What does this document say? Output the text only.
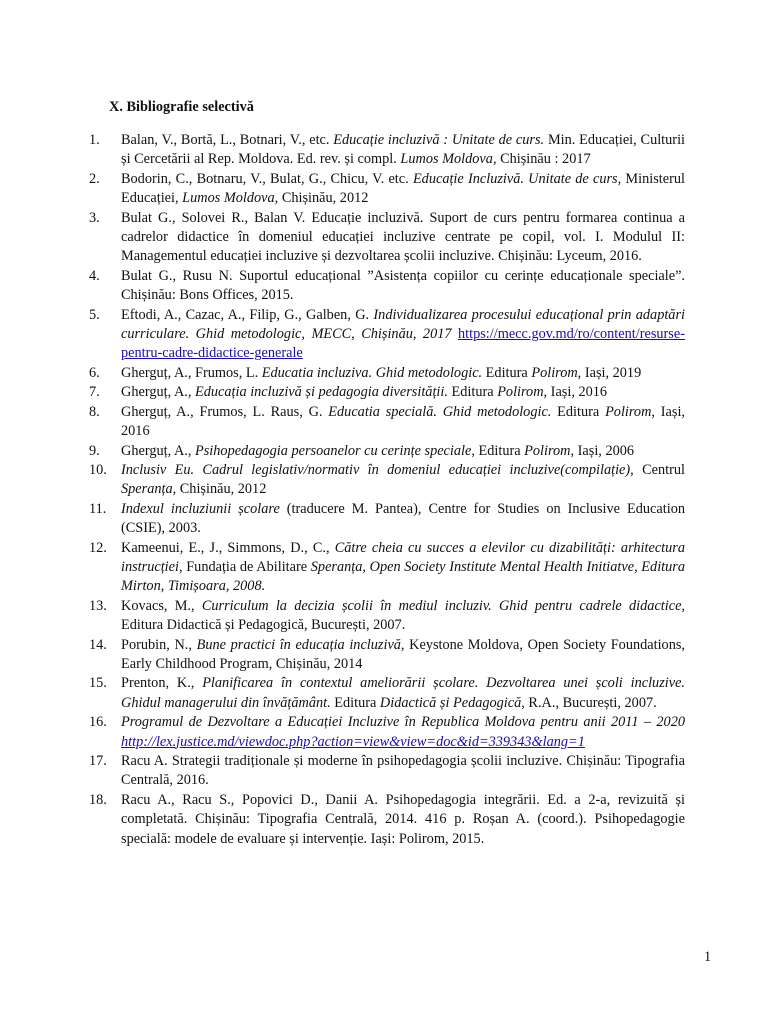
X. Bibliografie selectivă
1.	Balan, V., Bortă, L., Botnari, V., etc. Educație incluzivă : Unitate de curs. Min. Educației, Culturii și Cercetării al Rep. Moldova. Ed. rev. și compl. Lumos Moldova, Chișinău : 2017
2.	Bodorin, C., Botnaru, V., Bulat, G., Chicu, V. etc. Educație Incluzivă. Unitate de curs, Ministerul Educației, Lumos Moldova, Chișinău, 2012
3.	Bulat G., Solovei R., Balan V. Educație incluzivă. Suport de curs pentru formarea continua a cadrelor didactice în domeniul educației incluzive centrate pe copil, vol. I. Modulul II: Managementul educației incluzive și dezvoltarea școlii incluzive. Chișinău: Lyceum, 2016.
4.	Bulat G., Rusu N. Suportul educațional ”Asistența copiilor cu cerințe educaționale speciale”. Chișinău: Bons Offices, 2015.
5.	Eftodi, A., Cazac, A., Filip, G., Galben, G. Individualizarea procesului educațional prin adaptări curriculare. Ghid metodologic, MECC, Chișinău, 2017 https://mecc.gov.md/ro/content/resurse-pentru-cadre-didactice-generale
6.	Gherguț, A., Frumos, L. Educatia incluziva. Ghid metodologic. Editura Polirom, Iași, 2019
7.	Gherguț, A., Educația incluzivă și pedagogia diversității. Editura Polirom, Iași, 2016
8.	Gherguț, A., Frumos, L. Raus, G. Educatia specială. Ghid metodologic. Editura Polirom, Iași, 2016
9.	Gherguț, A., Psihopedagogia persoanelor cu cerințe speciale, Editura Polirom, Iași, 2006
10. Inclusiv Eu. Cadrul legislativ/normativ în domeniul educației incluzive(compilație), Centrul Speranța, Chișinău, 2012
11.	Indexul incluziunii școlare (traducere M. Pantea), Centre for Studies on Inclusive Education (CSIE), 2003.
12. Kameenui, E., J., Simmons, D., C., Către cheia cu succes a elevilor cu dizabilități: arhitectura instrucției, Fundația de Abilitare Speranța, Open Society Institute Mental Health Initiatve, Editura Mirton, Timișoara, 2008.
13. Kovacs, M., Curriculum la decizia școlii în mediul incluziv. Ghid pentru cadrele didactice, Editura Didactică și Pedagogică, București, 2007.
14. Porubin, N., Bune practici în educația incluzivă, Keystone Moldova, Open Society Foundations, Early Childhood Program, Chișinău, 2014
15. Prenton, K., Planificarea în contextul ameliorării școlare. Dezvoltarea unei școli incluzive. Ghidul managerului din învățământ. Editura Didactică și Pedagogică, R.A., București, 2007.
16. Programul de Dezvoltare a Educației Incluzive în Republica Moldova pentru anii 2011 – 2020 http://lex.justice.md/viewdoc.php?action=view&view=doc&id=339343&lang=1
17. Racu A. Strategii tradiționale și moderne în psihopedagogia școlii incluzive. Chișinău: Tipografia Centrală, 2016.
18. Racu A., Racu S., Popovici D., Danii A. Psihopedagogia integrării. Ed. a 2-a, revizuită și completată. Chișinău: Tipografia Centrală, 2014. 416 p. Roșan A. (coord.). Psihopedagogie specială: modele de evaluare și intervenție. Iași: Polirom, 2015.
1
